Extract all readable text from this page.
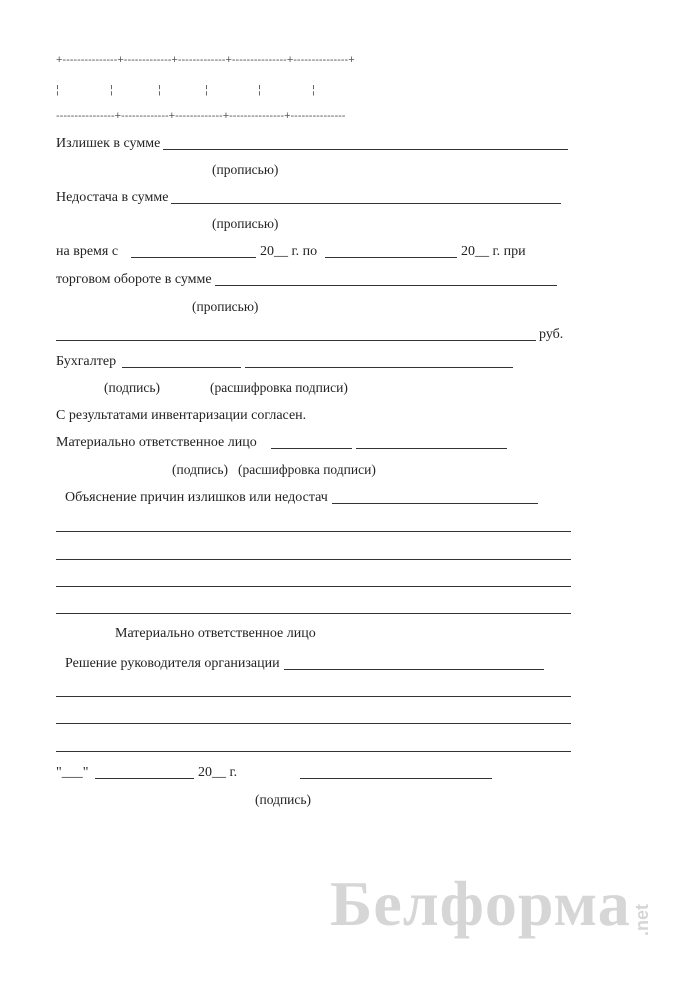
+---------------+-------------+-------------+---------------+---------------+
¦	¦	¦	¦	¦	¦
----------------+-------------+-------------+---------------+---------------
Излишек в сумме
(прописью)
Недостача в сумме
(прописью)
на время с	20__ г. по	20__ г. при
торговом обороте в сумме
(прописью)
руб.
Бухгалтер
(подпись)	(расшифровка подписи)
С результатами инвентаризации согласен.
Материально ответственное лицо
(подпись) (расшифровка подписи)
Объяснение причин излишков или недостач
Материально ответственное лицо
Решение руководителя организации
"___"	20__ г.
(подпись)
Белформа .net
